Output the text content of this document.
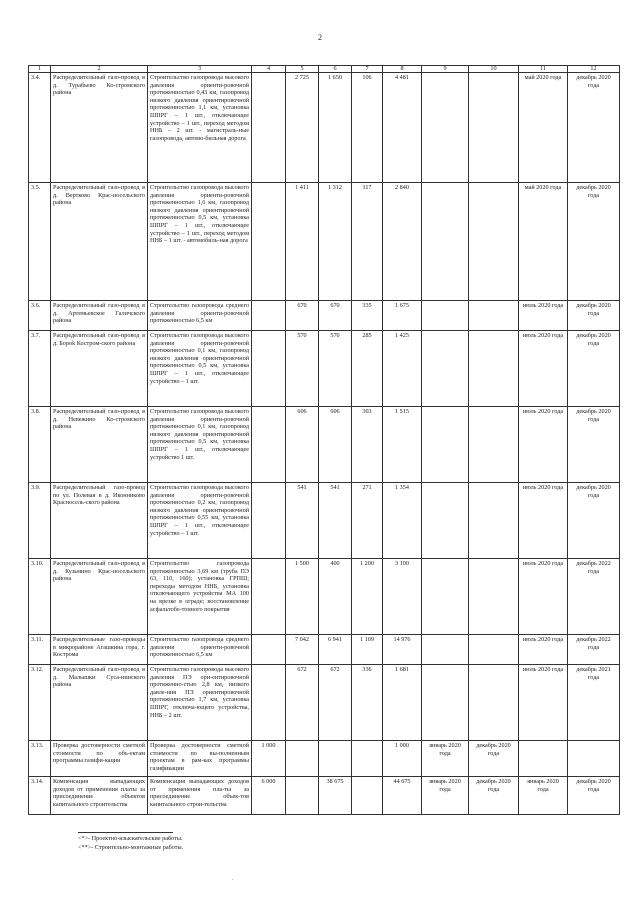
2
1	2	3	4	5	6	7	8	9	10	11	12
3.4.	Распределительный газо-провод в д. Турабьево Ко-стромского района	Строительство газопровода высокого давления ориенти-ровочной протяженностью 0,43 км, газопровод низкого давления ориентировочной протяженностью 1,1 км, установка ШПРГ – 1 шт., отключающее устройство – 1 шт., переход методом ННБ – 2 шт. - магистраль-ные газопровода, автомо-бильная дорога		2 725	1 650	106	4 481			май 2020 года	декабрь 2020 года
3.5.	Распределительный газо-провод в д. Вертково Крас-носельского района	Строительство газопровода высокого давления ориенти-ровочной протяженностью 1,6 км, газопровод низкого давления ориентировочной протяженностью 0,5 км, установка ШПРГ – 1 шт., отключающее устройство – 1 шт., переход методом ННБ – 1 шт. - автомобиль-ная дорога		1 411	1 312	117	2 840			май 2020 года	декабрь 2020 года
3.6.	Распределительный газо-провод в д. Артемьевское Галичского района	Строительство газопровода среднего давления ориенти-ровочной протяженностью 6,5 км		670	670	335	1 675			июль 2020 года	декабрь 2020 года
3.7.	Распределительный газо-провод в д. Бороk Костром-ского района	Строительство газопровода высокого давления ориенти-ровочной протяженностью 0,1 км, газопровод низкого давления ориентировочной протяженностью 0,5 км, установка ШПРГ – 1 шт., отключающее устройство – 1 шт.		570	570	285	1 425			июль 2020 года	декабрь 2020 года
3.8.	Распределительный газо-провод в д. Невежино Ко-стромского района	Строительство газопровода высокого давления ориенти-ровочной протяженностью 0,1 км, газопровод низкого давления ориентировочной протяженностью 0,5 км, установка ШПРГ – 1 шт., отключающее устройство 1 шт.		606	606	303	1 515			июль 2020 года	декабрь 2020 года
3.9.	Распределительный газо-провод по ул. Полевая в д. Иконниково Красносель-ского района	Строительство газопровода высокого давления ориенти-ровочной протяженностью 0,2 км, газопровод низкого давления ориентировочной протяженностью 0,55 км, установка ШПРГ – 1 шт., отключающее устройство – 1 шт.		541	541	271	1 354			июль 2020 года	декабрь 2020 года
3.10.	Распределительный газо-провод в д. Кузьмино Крас-носельского района	Строительство газопровода протяженностью 3,69 км (труба ПЭ 63, 110, 160); установка ГРПШ; переходы методом ННБ, установка отключающего устройства МА 100 на врезке в ограде; восстановление асфальтобе-тонного покрытия		1 500	400	1 200	3 100			июль 2020 года	декабрь 2022 года
3.11.	Распределительные газо-проводы в микрорайоне Агашкина гора, г. Кострома	Строительство газопровода среднего давления ориенти-ровочной протяженностью 6,5 км		7 042	6 941	1 109	14 976			июль 2020 года	декабрь 2022 года
3.12.	Распределительный газо-провод в д. Малышки Суса-нинского района	Строительство газопровода высокого давления ПЭ ори-ентировочной протяженно-стью 2,8 км, низкого давле-ния ПЭ ориентировочной протяженностью 1,7 км, установка ШПРГ, отключа-ющего устройства, ННБ – 2 шт.		672	672	336	1 681			июль 2020 года	декабрь 2021 года
3.13.	Проверка достоверности сметной стоимости по объ-ектам программы газифи-кации	Проверка достоверности сметной стоимости по вы-полненным проектам в рам-ках программы газификации	1 000				1 000	январь 2020 года	декабрь 2020 года		
3.14.	Компенсация выпадающих доходов от применения платы за присоединение объектов капитального строительства	Компенсация выпадающих доходов от применения пла-ты за присоединение объек-тов капитального строи-тельства	6 000		38 675		44 675	январь 2020 года	декабрь 2020 года	январь 2020 года	декабрь 2020 года
<*>- Проектно-изыскательские работы.
<**>- Строительно-монтажные работы.
.
